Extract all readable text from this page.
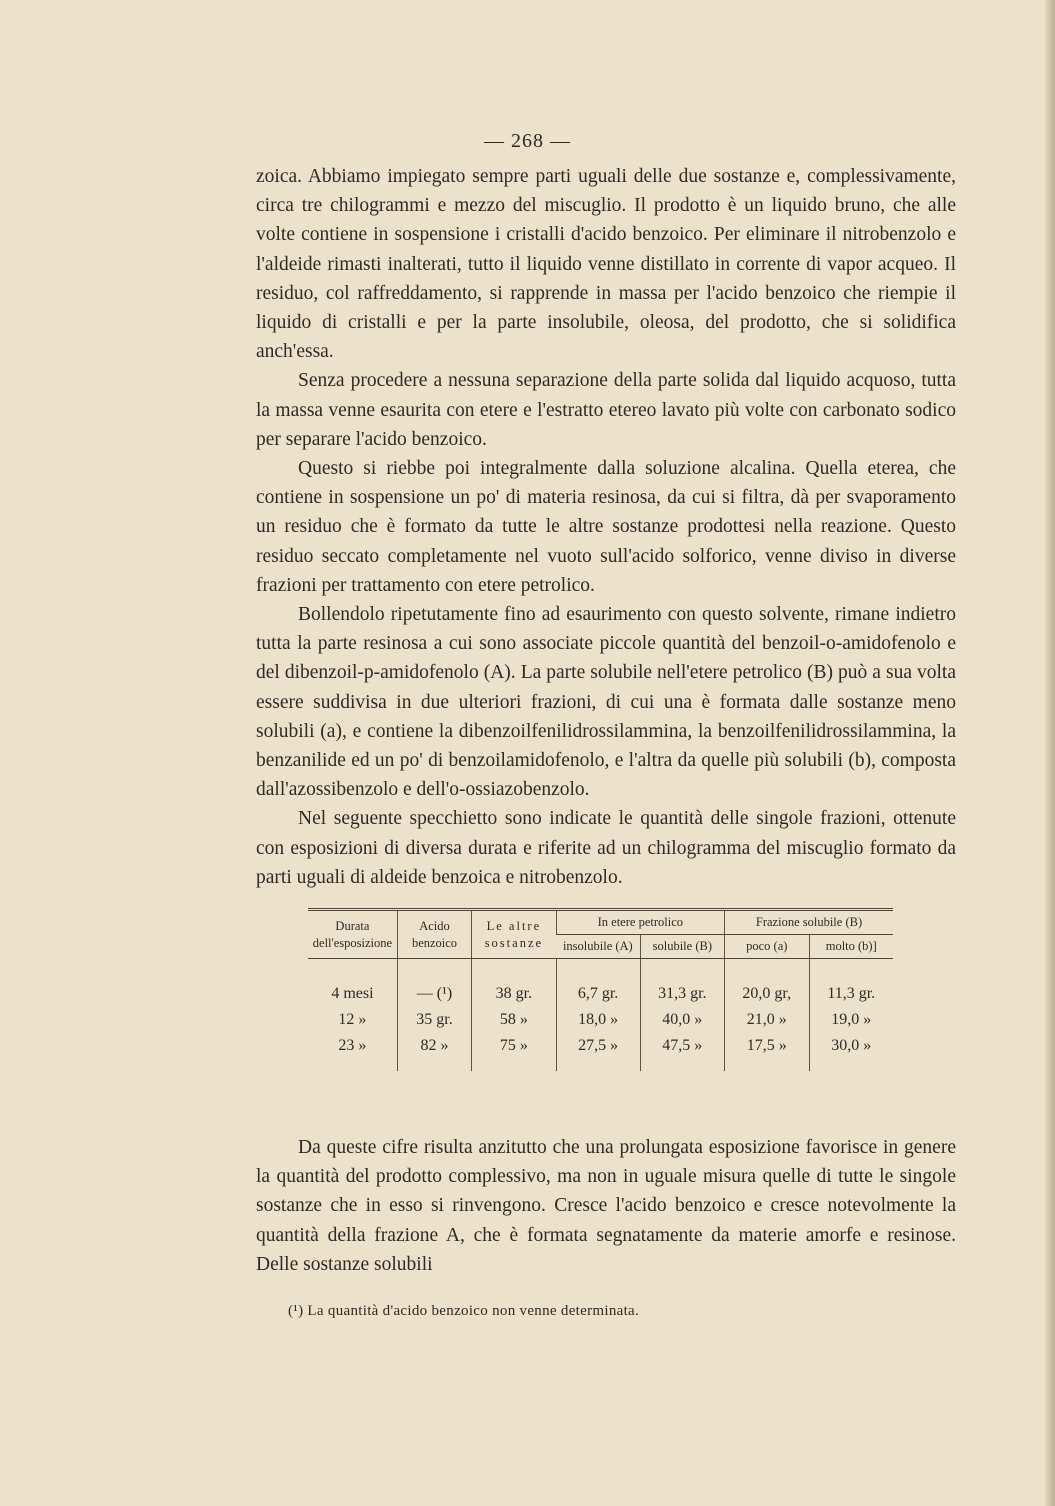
— 268 —

zoica. Abbiamo impiegato sempre parti uguali delle due sostanze e, complessivamente, circa tre chilogrammi e mezzo del miscuglio. Il prodotto è un liquido bruno, che alle volte contiene in sospensione i cristalli d'acido benzoico. Per eliminare il nitrobenzolo e l'aldeide rimasti inalterati, tutto il liquido venne distillato in corrente di vapor acqueo. Il residuo, col raffreddamento, si rapprende in massa per l'acido benzoico che riempie il liquido di cristalli e per la parte insolubile, oleosa, del prodotto, che si solidifica anch'essa.

Senza procedere a nessuna separazione della parte solida dal liquido acquoso, tutta la massa venne esaurita con etere e l'estratto etereo lavato più volte con carbonato sodico per separare l'acido benzoico.

Questo si riebbe poi integralmente dalla soluzione alcalina. Quella eterea, che contiene in sospensione un po' di materia resinosa, da cui si filtra, dà per svaporamento un residuo che è formato da tutte le altre sostanze prodottesi nella reazione. Questo residuo seccato completamente nel vuoto sull'acido solforico, venne diviso in diverse frazioni per trattamento con etere petrolico.

Bollendolo ripetutamente fino ad esaurimento con questo solvente, rimane indietro tutta la parte resinosa a cui sono associate piccole quantità del benzoil-o-amidofenolo e del dibenzoil-p-amidofenolo (A). La parte solubile nell'etere petrolico (B) può a sua volta essere suddivisa in due ulteriori frazioni, di cui una è formata dalle sostanze meno solubili (a), e contiene la dibenzoilfenilidrossilammina, la benzoilfenilidrossilammina, la benzanilide ed un po' di benzoilamidofenolo, e l'altra da quelle più solubili (b), composta dall'azossibenzolo e dell'o-ossiazobenzolo.

Nel seguente specchietto sono indicate le quantità delle singole frazioni, ottenute con esposizioni di diversa durata e riferite ad un chilogramma del miscuglio formato da parti uguali di aldeide benzoica e nitrobenzolo.

Durata dell'esposizione	Acido benzoico	Le altre sostanze	In etere petrolico		Frazione solubile (B)	
			insolubile (A)	solubile (B)	poco (a)	molto (b)]
4 mesi	— (¹)	38 gr.	6,7 gr.	31,3 gr.	20,0 gr,	11,3 gr.
12 »	35 gr.	58 »	18,0 »	40,0 »	21,0 »	19,0 »
23 »	82 »	75 »	27,5 »	47,5 »	17,5 »	30,0 »

Da queste cifre risulta anzitutto che una prolungata esposizione favorisce in genere la quantità del prodotto complessivo, ma non in uguale misura quelle di tutte le singole sostanze che in esso si rinvengono. Cresce l'acido benzoico e cresce notevolmente la quantità della frazione A, che è formata segnatamente da materie amorfe e resinose. Delle sostanze solubili

(¹) La quantità d'acido benzoico non venne determinata.
